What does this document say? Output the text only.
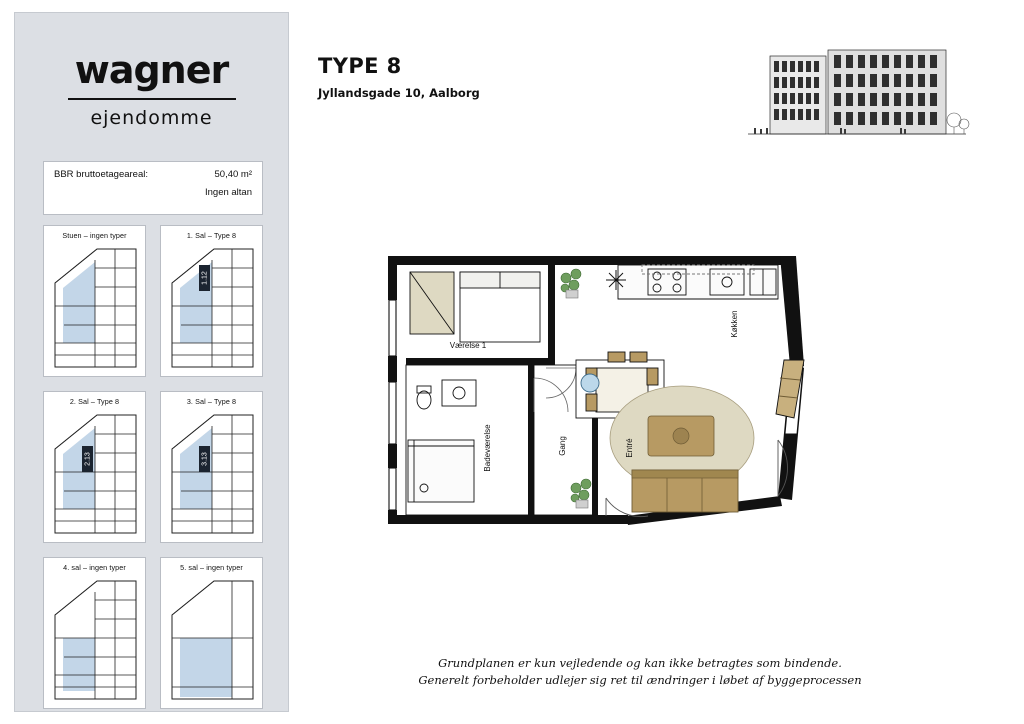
wagner
ejendomme
BBR bruttoetageareal:	50,40 m²
Ingen altan
Stuen – ingen typer	1. Sal – Type 8
1.12
2. Sal – Type 8
2.13
3. Sal – Type 8
3.13
4. sal – ingen typer	5. sal – ingen typer
TYPE 8
Jyllandsgade 10, Aalborg
Værelse 1
Køkken
Badeværelse	Gang	Entré
Grundplanen er kun vejledende og kan ikke betragtes som bindende.
Generelt forbeholder udlejer sig ret til ændringer i løbet af byggeprocessen
